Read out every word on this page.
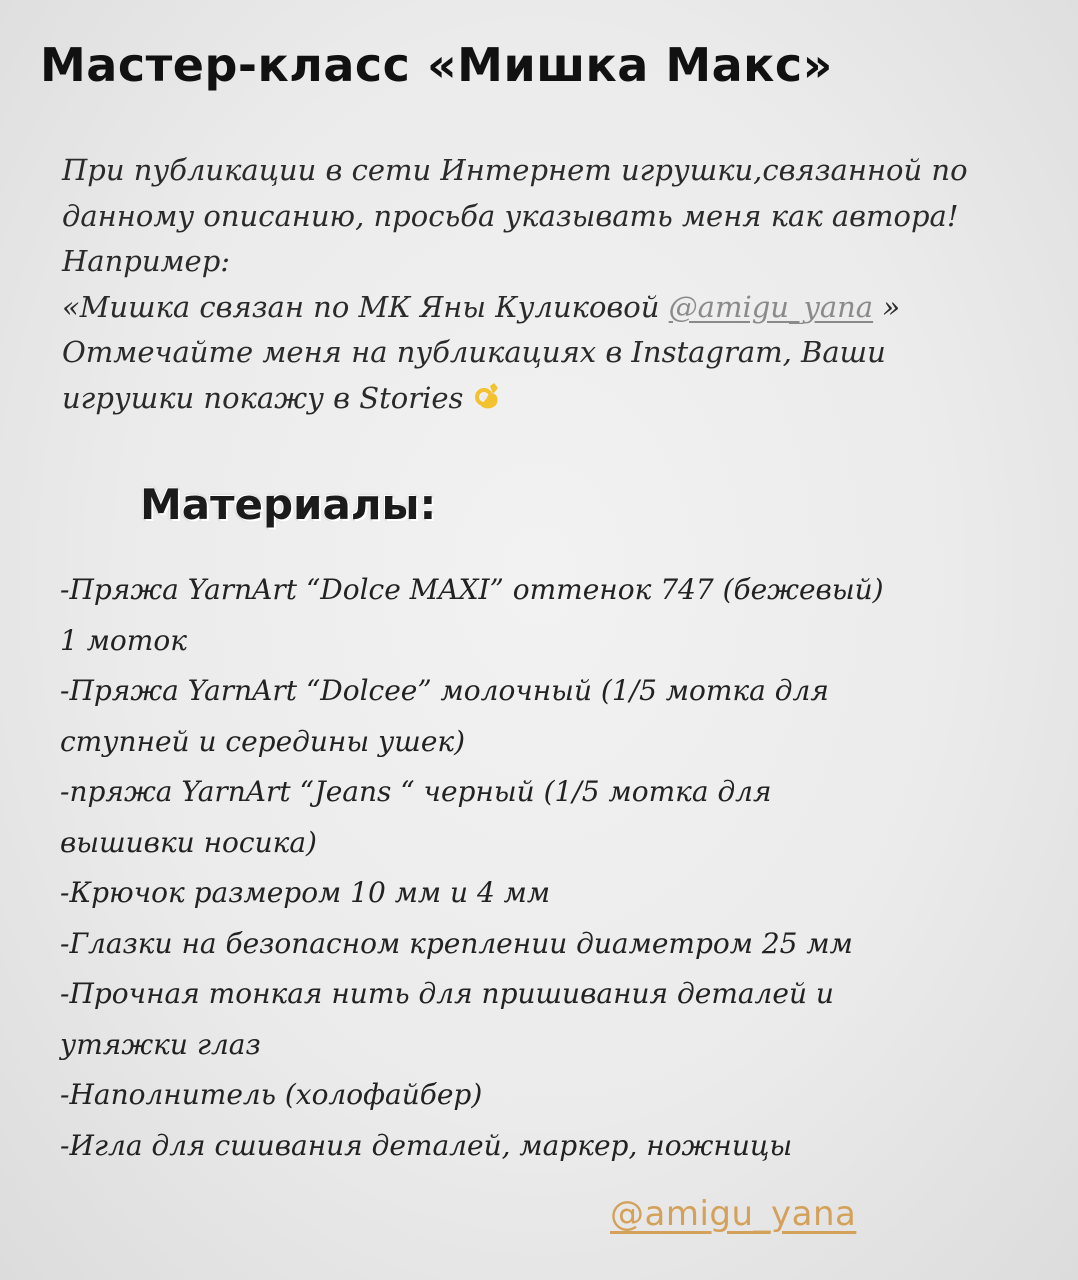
Мастер-класс «Мишка Макс»
При публикации в сети Интернет игрушки,связанной по
данному описанию, просьба указывать меня как автора!
Например:
«Мишка связан по МК Яны Куликовой @amigu_yana »
Отмечайте меня на публикациях в Instagram, Ваши
игрушки покажу в Stories
Материалы:
-Пряжа YarnArt “Dolce MAXI” оттенок 747 (бежевый)
1 моток
-Пряжа YarnArt “Dolcee” молочный (1/5 мотка для
ступней и середины ушек)
-пряжа YarnArt “Jeans “ черный (1/5 мотка для
вышивки носика)
-Крючок размером 10 мм и 4 мм
-Глазки на безопасном креплении диаметром 25 мм
-Прочная тонкая нить для пришивания деталей и
утяжки глаз
-Наполнитель (холофайбер)
-Игла для сшивания деталей, маркер, ножницы
@amigu_yana
